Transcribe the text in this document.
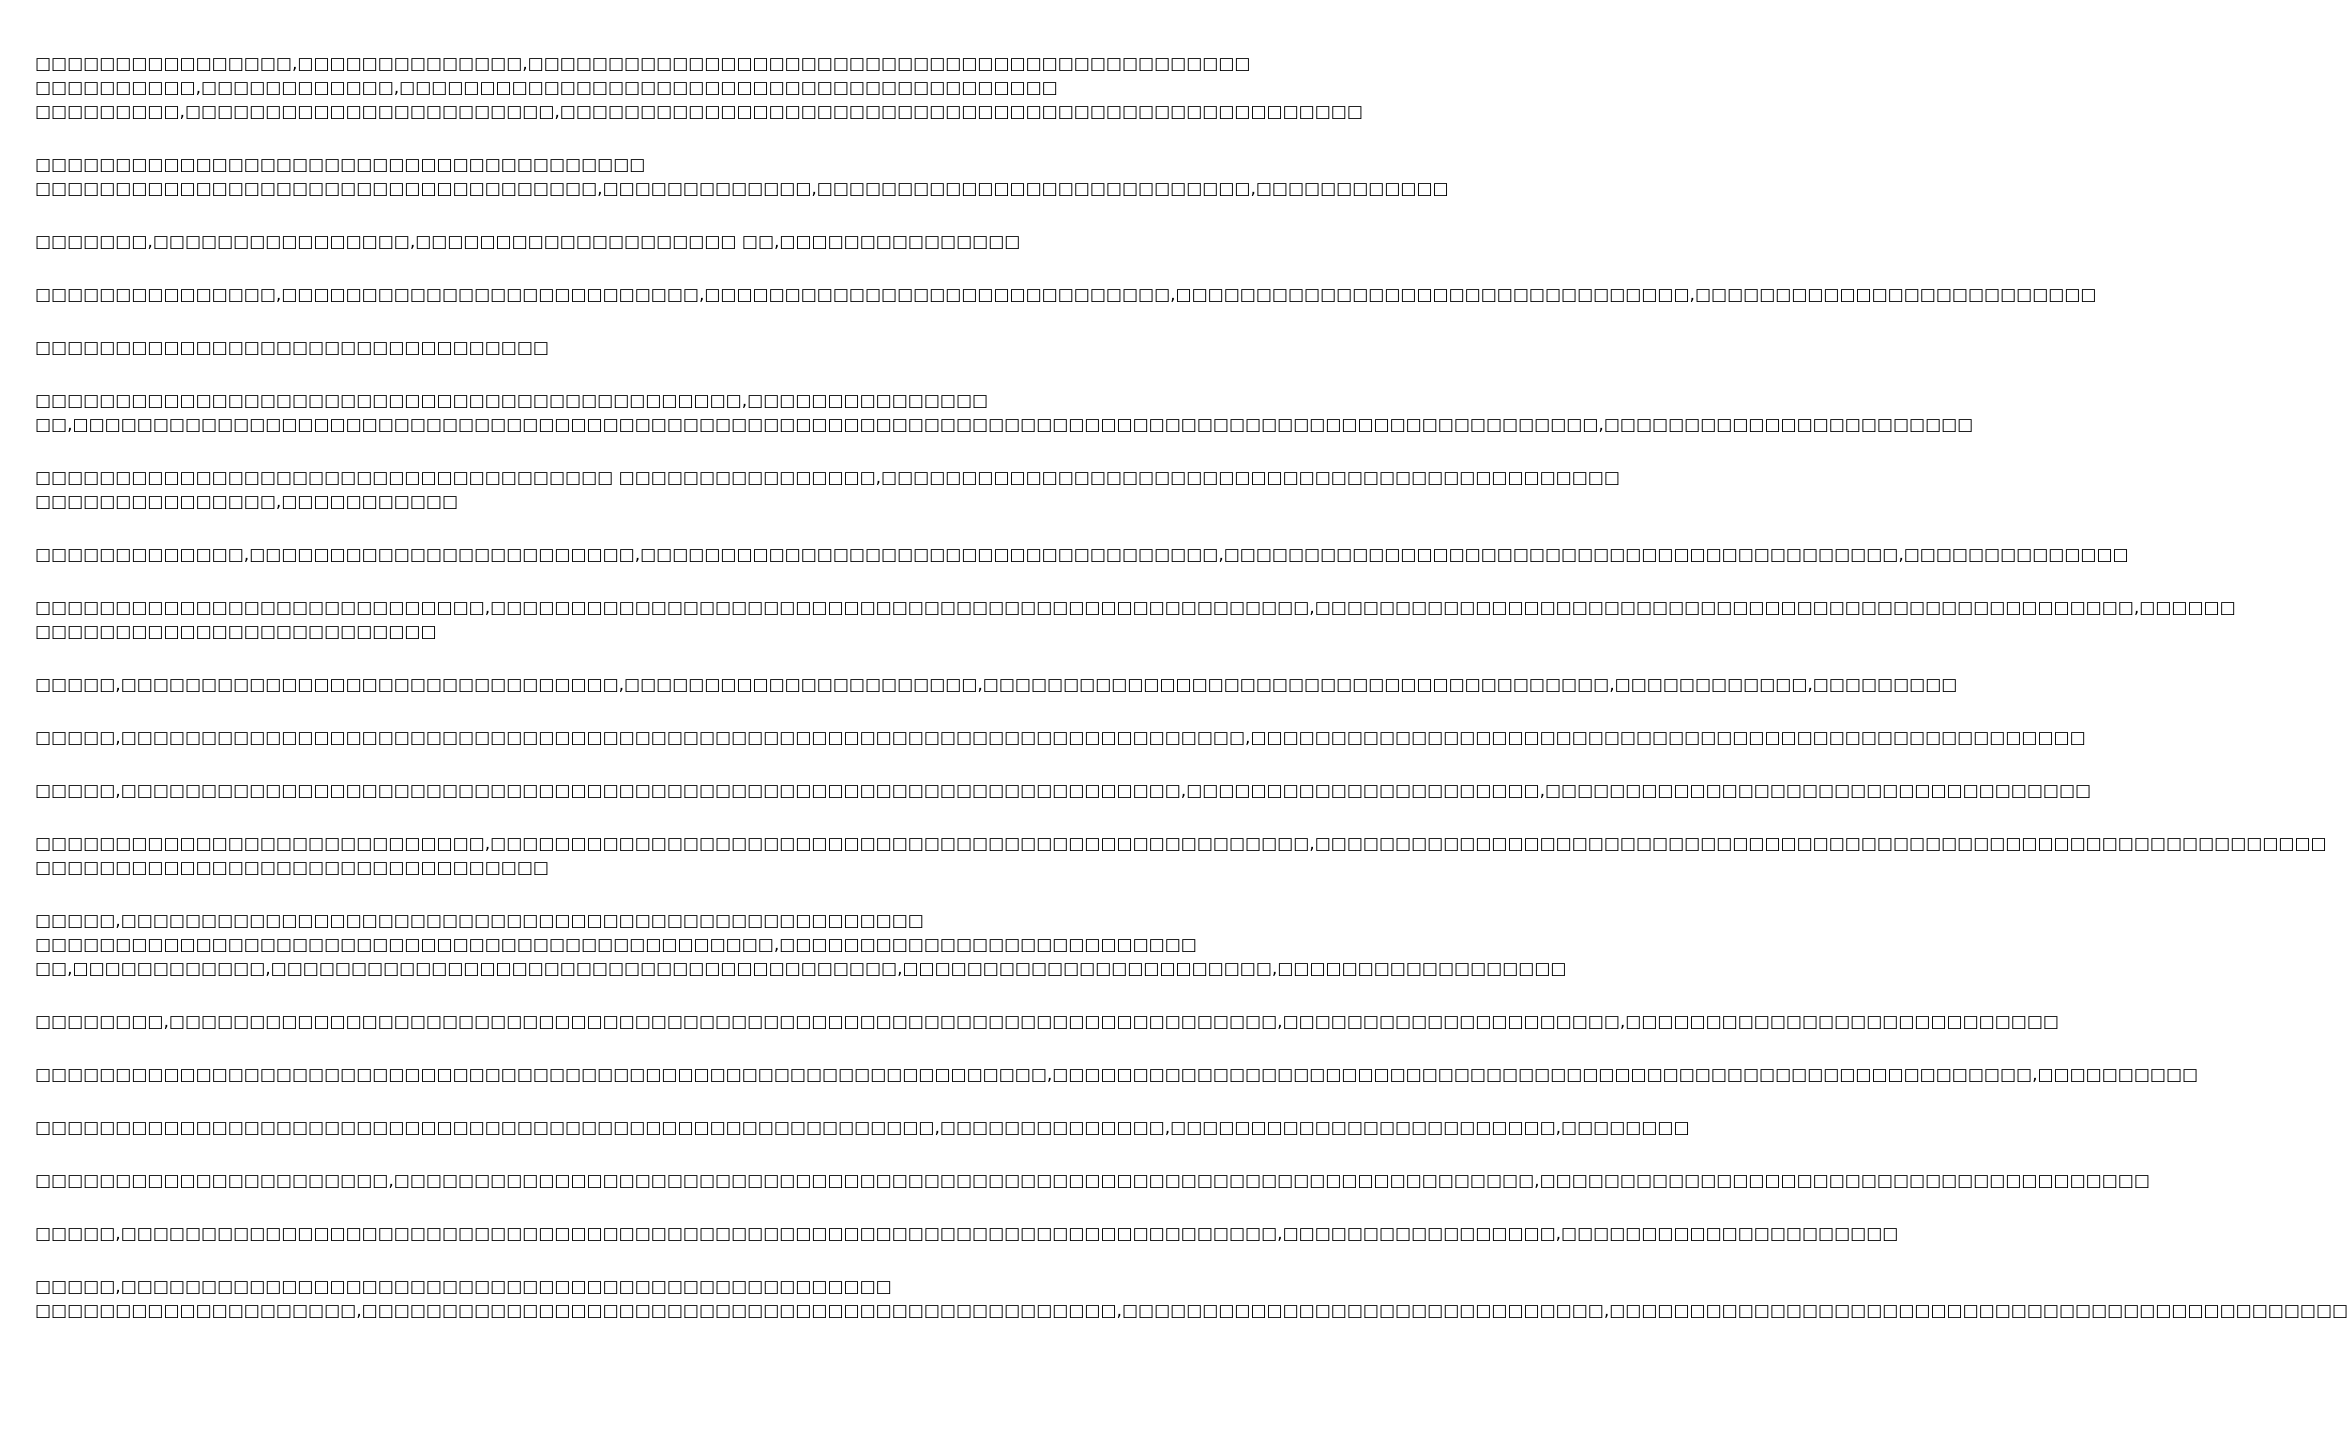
□□□□□□□□□□□□□□□□,□□□□□□□□□□□□□□,□□□□□□□□□□□□□□□□□□□□□□□□□□□□□□□□□□□□□□□□□□□□□
□□□□□□□□□□,□□□□□□□□□□□□,□□□□□□□□□□□□□□□□□□□□□□□□□□□□□□□□□□□□□□□□□
□□□□□□□□□,□□□□□□□□□□□□□□□□□□□□□□□,□□□□□□□□□□□□□□□□□□□□□□□□□□□□□□□□□□□□□□□□□□□□□□□□□□
□□□□□□□□□□□□□□□□□□□□□□□□□□□□□□□□□□□□□□
□□□□□□□□□□□□□□□□□□□□□□□□□□□□□□□□□□□,□□□□□□□□□□□□□,□□□□□□□□□□□□□□□□□□□□□□□□□□□,□□□□□□□□□□□□
□□□□□□□,□□□□□□□□□□□□□□□□,□□□□□□□□□□□□□□□□□□□□ □□,□□□□□□□□□□□□□□□
□□□□□□□□□□□□□□□,□□□□□□□□□□□□□□□□□□□□□□□□□□,□□□□□□□□□□□□□□□□□□□□□□□□□□□□□,□□□□□□□□□□□□□□□□□□□□□□□□□□□□□□□□,□□□□□□□□□□□□□□□□□□□□□□□□□
□□□□□□□□□□□□□□□□□□□□□□□□□□□□□□□□
□□□□□□□□□□□□□□□□□□□□□□□□□□□□□□□□□□□□□□□□□□□□,□□□□□□□□□□□□□□□
□□,□□□□□□□□□□□□□□□□□□□□□□□□□□□□□□□□□□□□□□□□□□□□□□□□□□□□□□□□□□□□□□□□□□□□□□□□□□□□□□□□□□□□□□□□□□□□□□□,□□□□□□□□□□□□□□□□□□□□□□□
□□□□□□□□□□□□□□□□□□□□□□□□□□□□□□□□□□□□ □□□□□□□□□□□□□□□□,□□□□□□□□□□□□□□□□□□□□□□□□□□□□□□□□□□□□□□□□□□□□□□
□□□□□□□□□□□□□□□,□□□□□□□□□□□
□□□□□□□□□□□□□,□□□□□□□□□□□□□□□□□□□□□□□□,□□□□□□□□□□□□□□□□□□□□□□□□□□□□□□□□□□□□,□□□□□□□□□□□□□□□□□□□□□□□□□□□□□□□□□□□□□□□□□□,□□□□□□□□□□□□□□
□□□□□□□□□□□□□□□□□□□□□□□□□□□□,□□□□□□□□□□□□□□□□□□□□□□□□□□□□□□□□□□□□□□□□□□□□□□□□□□□,□□□□□□□□□□□□□□□□□□□□□□□□□□□□□□□□□□□□□□□□□□□□□□□□□□□,□□□□□□
□□□□□□□□□□□□□□□□□□□□□□□□□
□□□□□,□□□□□□□□□□□□□□□□□□□□□□□□□□□□□□□,□□□□□□□□□□□□□□□□□□□□□□,□□□□□□□□□□□□□□□□□□□□□□□□□□□□□□□□□□□□□□□,□□□□□□□□□□□□,□□□□□□□□□
□□□□□,□□□□□□□□□□□□□□□□□□□□□□□□□□□□□□□□□□□□□□□□□□□□□□□□□□□□□□□□□□□□□□□□□□□□□□,□□□□□□□□□□□□□□□□□□□□□□□□□□□□□□□□□□□□□□□□□□□□□□□□□□□□
□□□□□,□□□□□□□□□□□□□□□□□□□□□□□□□□□□□□□□□□□□□□□□□□□□□□□□□□□□□□□□□□□□□□□□□□,□□□□□□□□□□□□□□□□□□□□□□,□□□□□□□□□□□□□□□□□□□□□□□□□□□□□□□□□□
□□□□□□□□□□□□□□□□□□□□□□□□□□□□,□□□□□□□□□□□□□□□□□□□□□□□□□□□□□□□□□□□□□□□□□□□□□□□□□□□,□□□□□□□□□□□□□□□□□□□□□□□□□□□□□□□□□□□□□□□□□□□□□□□□□□□□□□□□□□□□□□□
□□□□□□□□□□□□□□□□□□□□□□□□□□□□□□□□
□□□□□,□□□□□□□□□□□□□□□□□□□□□□□□□□□□□□□□□□□□□□□□□□□□□□□□□□
□□□□□□□□□□□□□□□□□□□□□□□□□□□□□□□□□□□□□□□□□□□□□□,□□□□□□□□□□□□□□□□□□□□□□□□□□
□□,□□□□□□□□□□□□,□□□□□□□□□□□□□□□□□□□□□□□□□□□□□□□□□□□□□□□,□□□□□□□□□□□□□□□□□□□□□□□,□□□□□□□□□□□□□□□□□□
□□□□□□□□,□□□□□□□□□□□□□□□□□□□□□□□□□□□□□□□□□□□□□□□□□□□□□□□□□□□□□□□□□□□□□□□□□□□□□,□□□□□□□□□□□□□□□□□□□□□,□□□□□□□□□□□□□□□□□□□□□□□□□□□
□□□□□□□□□□□□□□□□□□□□□□□□□□□□□□□□□□□□□□□□□□□□□□□□□□□□□□□□□□□□□□□,□□□□□□□□□□□□□□□□□□□□□□□□□□□□□□□□□□□□□□□□□□□□□□□□□□□□□□□□□□□□□,□□□□□□□□□□
□□□□□□□□□□□□□□□□□□□□□□□□□□□□□□□□□□□□□□□□□□□□□□□□□□□□□□□□,□□□□□□□□□□□□□□,□□□□□□□□□□□□□□□□□□□□□□□□,□□□□□□□□
□□□□□□□□□□□□□□□□□□□□□□,□□□□□□□□□□□□□□□□□□□□□□□□□□□□□□□□□□□□□□□□□□□□□□□□□□□□□□□□□□□□□□□□□□□□□□□,□□□□□□□□□□□□□□□□□□□□□□□□□□□□□□□□□□□□□□
□□□□□,□□□□□□□□□□□□□□□□□□□□□□□□□□□□□□□□□□□□□□□□□□□□□□□□□□□□□□□□□□□□□□□□□□□□□□□□,□□□□□□□□□□□□□□□□□,□□□□□□□□□□□□□□□□□□□□□
□□□□□,□□□□□□□□□□□□□□□□□□□□□□□□□□□□□□□□□□□□□□□□□□□□□□□□
□□□□□□□□□□□□□□□□□□□□,□□□□□□□□□□□□□□□□□□□□□□□□□□□□□□□□□□□□□□□□□□□□□□□,□□□□□□□□□□□□□□□□□□□□□□□□□□□□□□,□□□□□□□□□□□□□□□□□□□□□□□□□□□□□□□□□□□□□□□□□□□□□□
